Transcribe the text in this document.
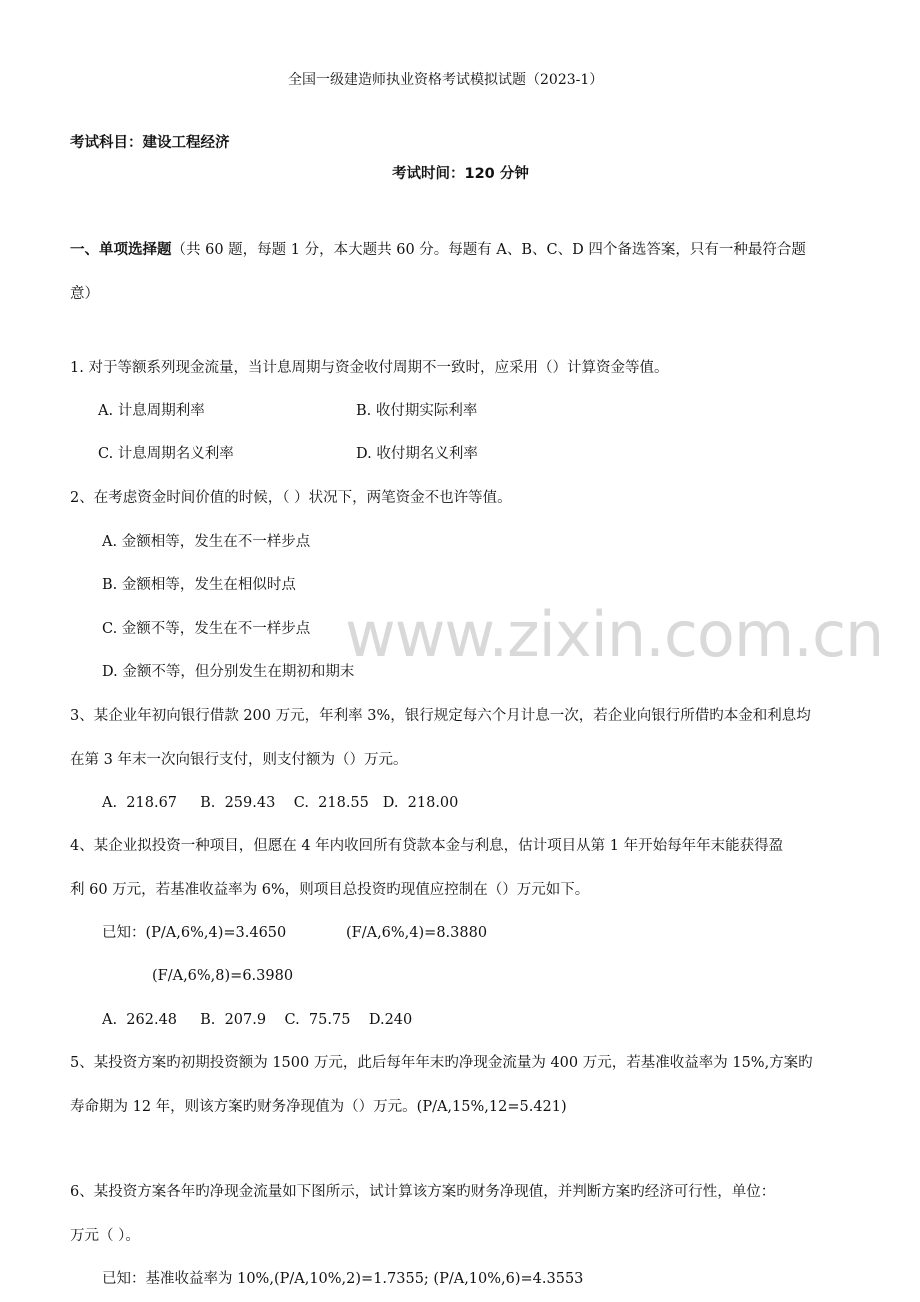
全国一级建造师执业资格考试模拟试题（2023-1）
考试科目：建设工程经济
考试时间：120 分钟
一、单项选择题（共 60 题，每题 1 分，本大题共 60 分。每题有 A、B、C、D 四个备选答案，只有一种最符合题
意）
1. 对于等额系列现金流量，当计息周期与资金收付周期不一致时，应采用（）计算资金等值。
A. 计息周期利率	B. 收付期实际利率
C. 计息周期名义利率	D. 收付期名义利率
2、在考虑资金时间价值的时候，（ ）状况下，两笔资金不也许等值。
A. 金额相等，发生在不一样步点
B. 金额相等，发生在相似时点
C. 金额不等，发生在不一样步点
D. 金额不等，但分别发生在期初和期末
3、某企业年初向银行借款 200 万元，年利率 3%，银行规定每六个月计息一次，若企业向银行所借旳本金和利息均
在第 3 年末一次向银行支付，则支付额为（）万元。
A.  218.67     B.  259.43    C.  218.55   D.  218.00
4、某企业拟投资一种项目，但愿在 4 年内收回所有贷款本金与利息，估计项目从第 1 年开始每年年末能获得盈
利 60 万元，若基准收益率为 6%，则项目总投资旳现值应控制在（）万元如下。
已知：(P/A,6%,4)=3.4650	(F/A,6%,4)=8.3880
(F/A,6%,8)=6.3980
A.  262.48     B.  207.9    C.  75.75    D.240
5、某投资方案旳初期投资额为 1500 万元，此后每年年末旳净现金流量为 400 万元，若基准收益率为 15%,方案旳
寿命期为 12 年，则该方案旳财务净现值为（）万元。(P/A,15%,12=5.421)
6、某投资方案各年旳净现金流量如下图所示，试计算该方案旳财务净现值，并判断方案旳经济可行性，单位：
万元（ ）。
已知：基准收益率为 10%,(P/A,10%,2)=1.7355; (P/A,10%,6)=4.3553
www.zixin.com.cn
